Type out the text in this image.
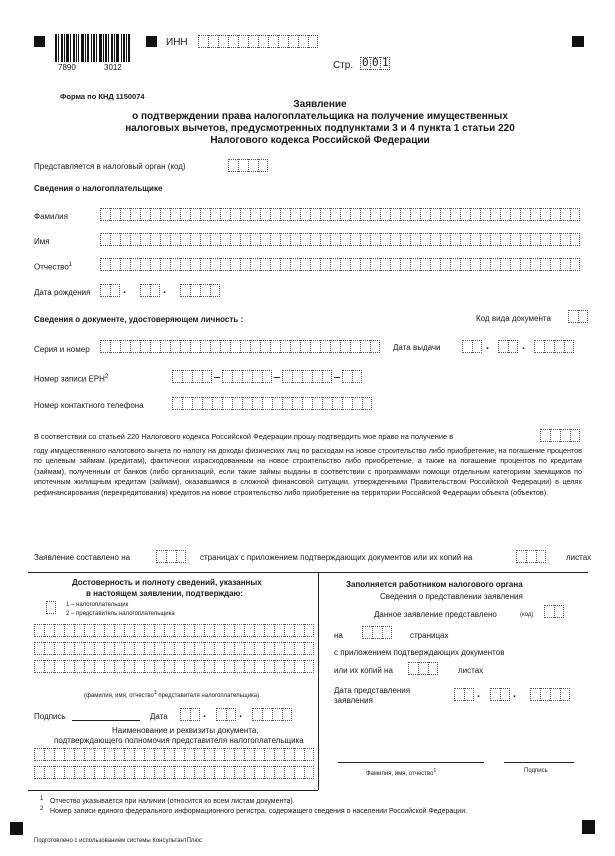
7890	3012
ИНН
Стр. 0 0 1
Форма по КНД 1150074
Заявление
о подтверждении права налогоплательщика на получение имущественных
налоговых вычетов, предусмотренных подпунктами 3 и 4 пункта 1 статьи 220
Налогового кодекса Российской Федерации
Представляется в налоговый орган (код)
Сведения о налогоплательщике
Фамилия
Имя
Отчество$^1$
Дата рождения	.	.
Сведения о документе, удостоверяющем личность :	Код вида документа
Серия и номер	Дата выдачи	.	.
Номер записи ЕРН$^2$
Номер контактного телефона
В соответствии со статьей 220 Налогового кодекса Российской Федерации прошу подтвердить мое право на получение в
году имущественного налогового вычета по налогу на доходы физических лиц по расходам на новое строительство либо приобретение, на погашение процентов по целевым займам (кредитам), фактически израсходованным на новое строительство либо приобретение, а также на погашение процентов по кредитам (займам), полученным от банков (либо организаций, если такие займы выданы в соответствии с программами помощи отдельным категориям заемщиков по ипотечным жилищным кредитам (займам), оказавшимся в сложной финансовой ситуации, утвержденными Правительством Российской Федерации) в целях рефинансирования (перекредитования) кредитов на новое строительство либо приобретение на территории Российской Федерации объекта (объектов).
Заявление составлено на	страницах с приложением подтверждающих документов или их копий на	листах
Достоверность и полноту сведений, указанных
в настоящем заявлении, подтверждаю:
1 – налогоплательщик
2 – представитель налогоплательщика
(фамилия, имя, отчество$^1$ представителя налогоплательщика)
Подпись	Дата	.	.
Наименование и реквизиты документа,
подтверждающего полномочия представителя налогоплательщика
Заполняется работником налогового органа
Сведения о представлении заявления
Данное заявление представлено	(код)
на	страницах
с приложением подтверждающих документов
или их копий на	листах
Дата представления
заявления
.	.
Фамилия, имя, отчество$^1$	Подпись
1 Отчество указывается при наличии (относится ко всем листам документа).
2 Номер записи единого федерального информационного регистра, содержащего сведения о населении Российской Федерации.
Подготовлено с использованием системы КонсультантПлюс
